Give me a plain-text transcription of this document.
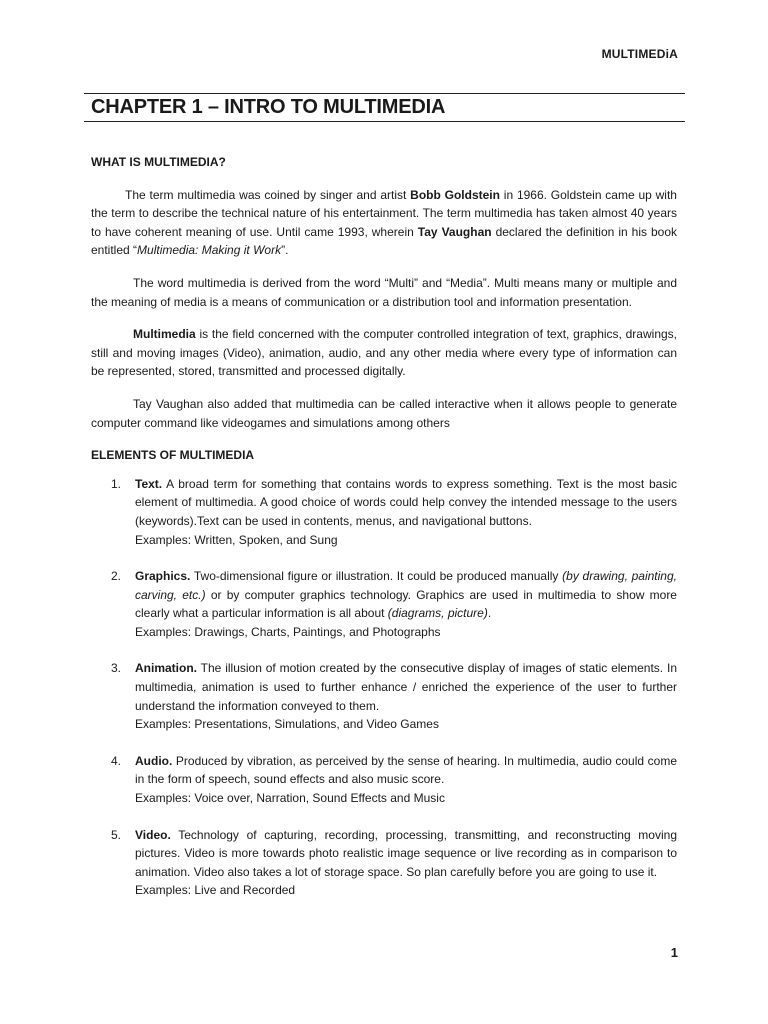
MULTIMEDiA
CHAPTER 1 – INTRO TO MULTIMEDIA
WHAT IS MULTIMEDIA?

The term multimedia was coined by singer and artist Bobb Goldstein in 1966. Goldstein came up with the term to describe the technical nature of his entertainment. The term multimedia has taken almost 40 years to have coherent meaning of use. Until came 1993, wherein Tay Vaughan declared the definition in his book entitled “Multimedia: Making it Work”.

The word multimedia is derived from the word “Multi” and “Media”. Multi means many or multiple and the meaning of media is a means of communication or a distribution tool and information presentation.

Multimedia is the field concerned with the computer controlled integration of text, graphics, drawings, still and moving images (Video), animation, audio, and any other media where every type of information can be represented, stored, transmitted and processed digitally.

Tay Vaughan also added that multimedia can be called interactive when it allows people to generate computer command like videogames and simulations among others

ELEMENTS OF MULTIMEDIA
1. Text. A broad term for something that contains words to express something. Text is the most basic element of multimedia. A good choice of words could help convey the intended message to the users (keywords).Text can be used in contents, menus, and navigational buttons.
Examples: Written, Spoken, and Sung
2. Graphics. Two-dimensional figure or illustration. It could be produced manually (by drawing, painting, carving, etc.) or by computer graphics technology. Graphics are used in multimedia to show more clearly what a particular information is all about (diagrams, picture).
Examples: Drawings, Charts, Paintings, and Photographs
3. Animation. The illusion of motion created by the consecutive display of images of static elements. In multimedia, animation is used to further enhance / enriched the experience of the user to further understand the information conveyed to them.
Examples: Presentations, Simulations, and Video Games
4. Audio. Produced by vibration, as perceived by the sense of hearing. In multimedia, audio could come in the form of speech, sound effects and also music score.
Examples: Voice over, Narration, Sound Effects and Music
5. Video. Technology of capturing, recording, processing, transmitting, and reconstructing moving pictures. Video is more towards photo realistic image sequence or live recording as in comparison to animation. Video also takes a lot of storage space. So plan carefully before you are going to use it.
Examples: Live and Recorded
1
